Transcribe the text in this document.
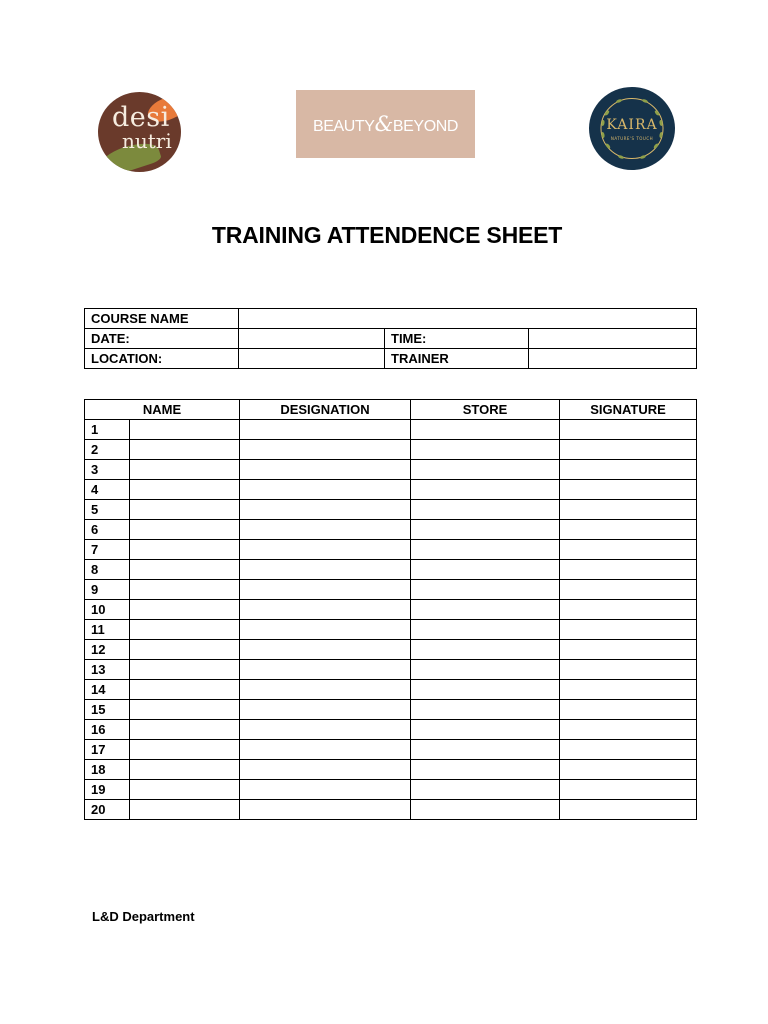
desi
nutri
BEAUTY&BEYOND	KAIRA
NATURE'S TOUCH
TRAINING ATTENDENCE SHEET
COURSE NAME			
DATE:		TIME:	
LOCATION:		TRAINER	
NAME		DESIGNATION	STORE	SIGNATURE
1				
2				
3				
4				
5				
6				
7				
8				
9				
10				
11				
12				
13				
14				
15				
16				
17				
18				
19				
20				
L&D Department
